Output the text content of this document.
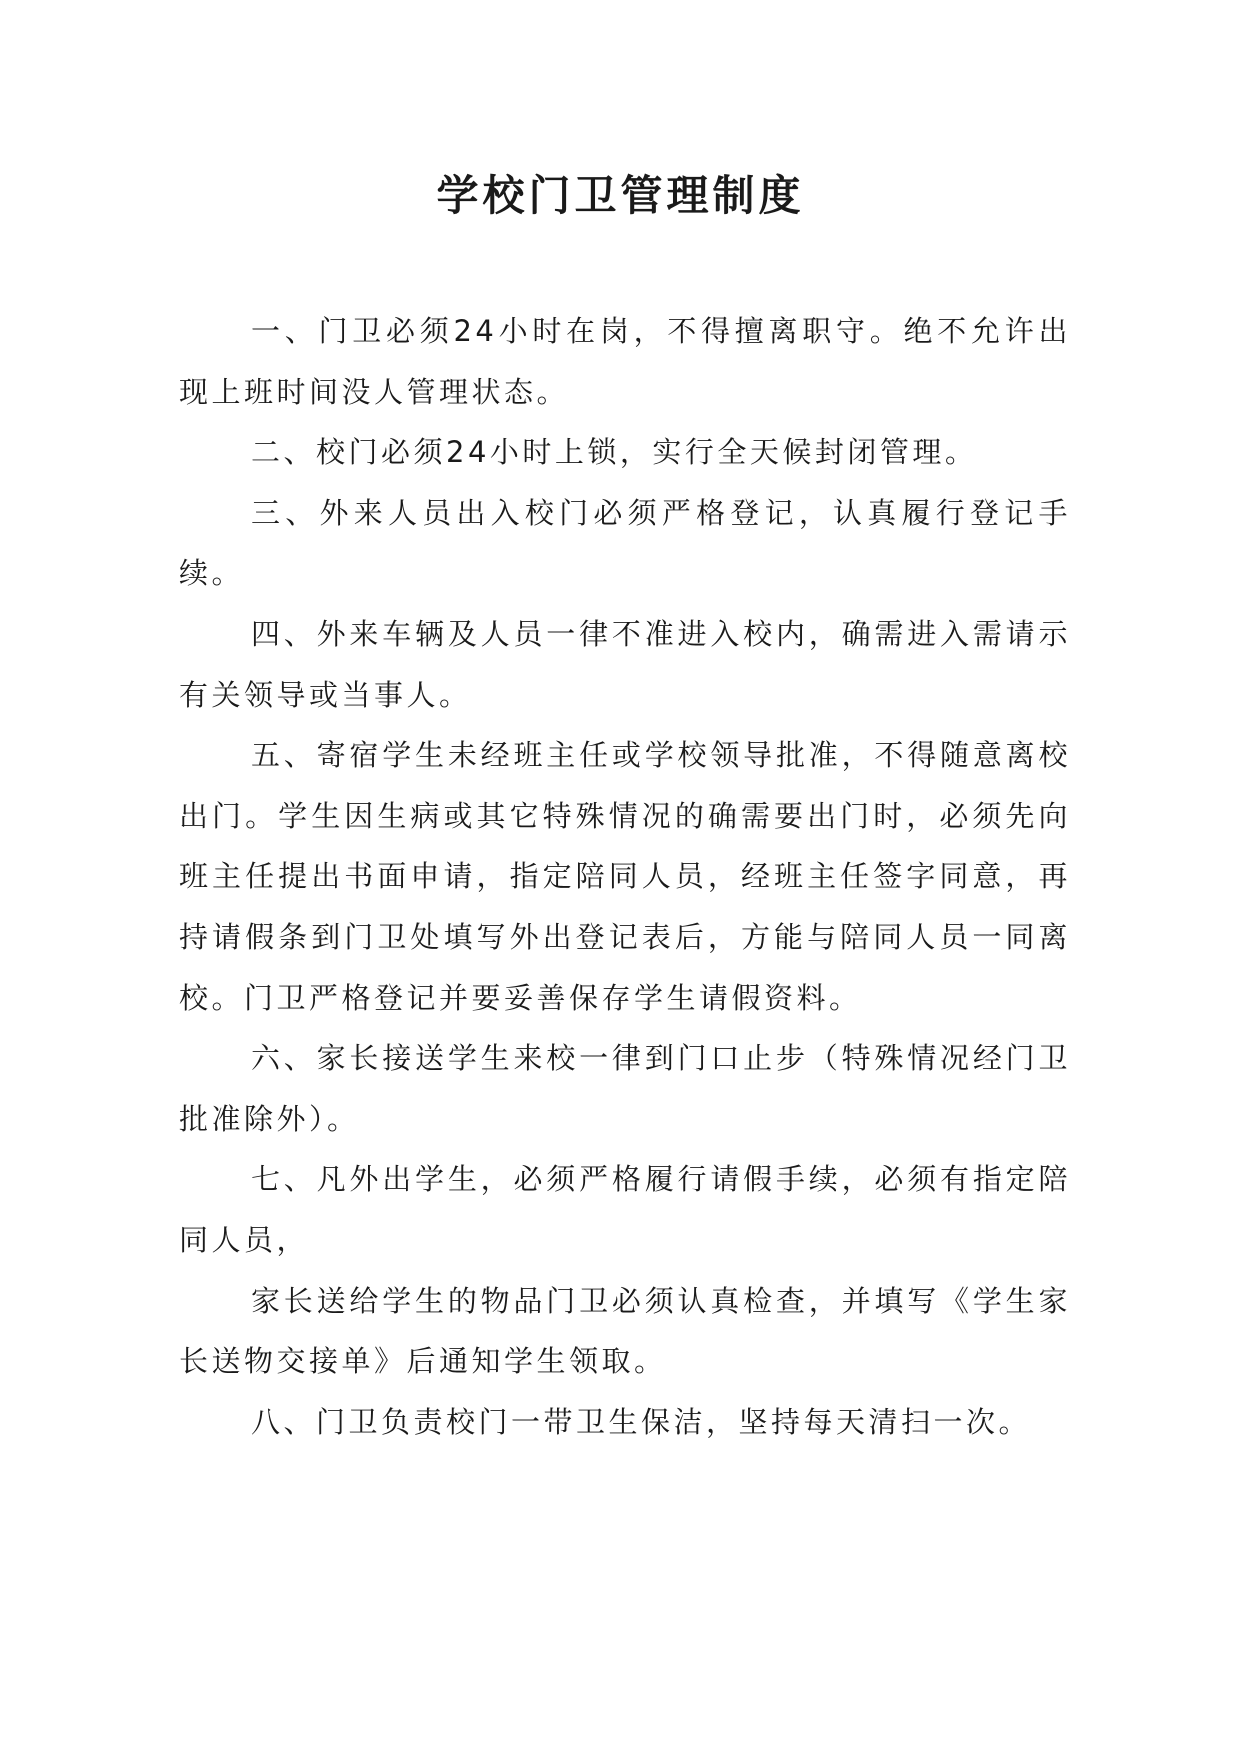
学校门卫管理制度

一、门卫必须24小时在岗，不得擅离职守。绝不允许出现上班时间没人管理状态。

二、校门必须24小时上锁，实行全天候封闭管理。

三、外来人员出入校门必须严格登记，认真履行登记手续。

四、外来车辆及人员一律不准进入校内，确需进入需请示有关领导或当事人。

五、寄宿学生未经班主任或学校领导批准，不得随意离校出门。学生因生病或其它特殊情况的确需要出门时，必须先向班主任提出书面申请，指定陪同人员，经班主任签字同意，再持请假条到门卫处填写外出登记表后，方能与陪同人员一同离校。门卫严格登记并要妥善保存学生请假资料。

六、家长接送学生来校一律到门口止步（特殊情况经门卫批准除外）。

七、凡外出学生，必须严格履行请假手续，必须有指定陪同人员，

家长送给学生的物品门卫必须认真检查，并填写《学生家长送物交接单》后通知学生领取。

八、门卫负责校门一带卫生保洁，坚持每天清扫一次。
